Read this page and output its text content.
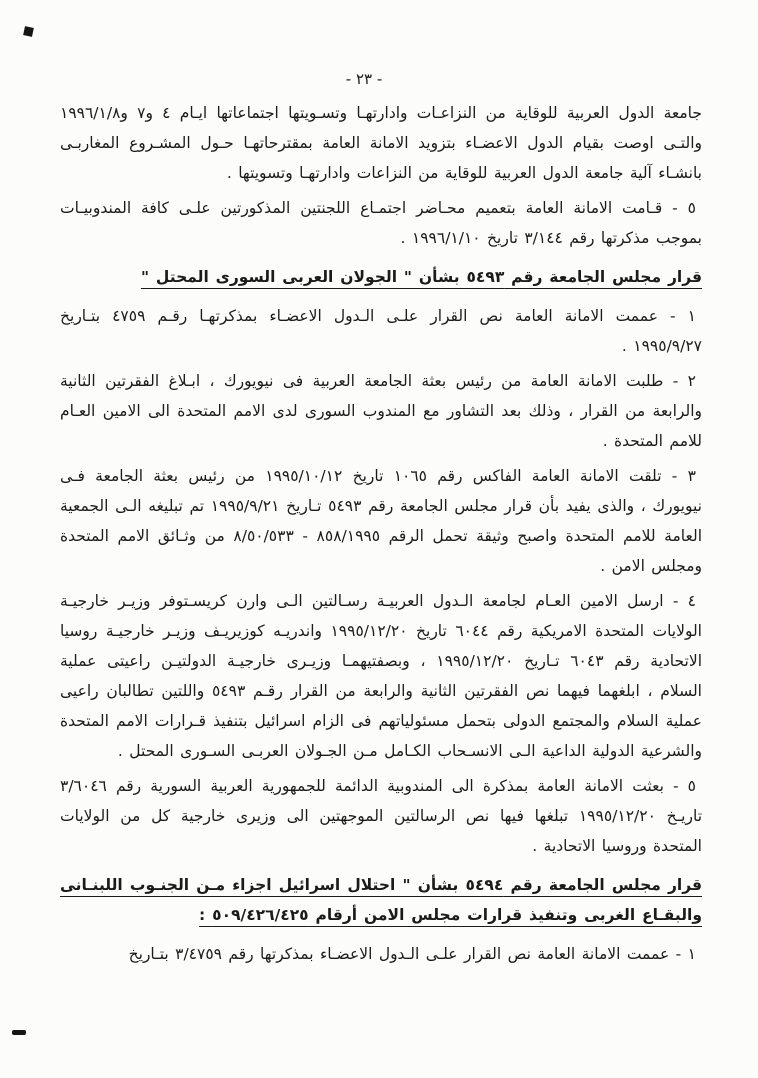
- ٢٣ -

جامعة الدول العربية للوقاية من النزاعـات وادارتهـا وتسـويتها اجتماعاتها ايـام ٤ و٧ و١٩٩٦/١/٨ والتـى اوصت بقيام الدول الاعضـاء بتزويد الامانة العامة بمقترحاتهـا حـول المشـروع المغاربـى بانشـاء آلية جامعة الدول العربية للوقاية من النزاعات وادارتهـا وتسويتها .

٥ - قـامت الامانة العامة بتعميم محـاضر اجتمـاع اللجنتين المذكورتين علـى كافة المندوبيـات بموجب مذكرتها رقم ٣/١٤٤ تاريخ ١٩٩٦/١/١٠ .

قرار مجلس الجامعة رقم ٥٤٩٣ بشأن " الجولان العربى السورى المحتل "

١ - عممت الامانة العامة نص القرار علـى الـدول الاعضـاء بمذكرتهـا رقـم ٤٧٥٩ بتـاريخ ١٩٩٥/٩/٢٧ .

٢ - طلبت الامانة العامة من رئيس بعثة الجامعة العربية فى نيويورك ، ابـلاغ الفقرتين الثانية والرابعة من القرار ، وذلك بعد التشاور مع المندوب السورى لدى الامم المتحدة الى الامين العـام للامم المتحدة .

٣ - تلقت الامانة العامة الفاكس رقم ١٠٦٥ تاريخ ١٩٩٥/١٠/١٢ من رئيس بعثة الجامعة فـى نيويورك ، والذى يفيد بأن قرار مجلس الجامعة رقم ٥٤٩٣ تـاريخ ١٩٩٥/٩/٢١ تم تبليغه الـى الجمعية العامة للامم المتحدة واصبح وثيقة تحمل الرقم ٨٥٨/١٩٩٥ - ٨/٥٠/٥٣٣ من وثـائق الامم المتحدة ومجلس الامن .

٤ - ارسل الامين العـام لجامعة الـدول العربيـة رسـالتين الـى وارن كريسـتوفر وزيـر خارجيـة الولايات المتحدة الامريكية رقم ٦٠٤٤ تاريخ ١٩٩٥/١٢/٢٠ واندريـه كوزيريـف وزيـر خارجيـة روسيا الاتحادية رقم ٦٠٤٣ تـاريخ ١٩٩٥/١٢/٢٠ ، وبصفتيهمـا وزيـرى خارجيـة الدولتيـن راعيتى عملية السلام ، ابلغهما فيهما نص الفقرتين الثانية والرابعة من القرار رقـم ٥٤٩٣ واللتين تطالبان راعيى عملية السلام والمجتمع الدولى بتحمل مسئولياتهم فى الزام اسرائيل بتنفيذ قـرارات الامم المتحدة والشرعية الدولية الداعية الـى الانسـحاب الكـامل مـن الجـولان العربـى السـورى المحتل .

٥ - بعثت الامانة العامة بمذكرة الى المندوبية الدائمة للجمهورية العربية السورية رقم ٣/٦٠٤٦ تاريـخ ١٩٩٥/١٢/٢٠ تبلغها فيها نص الرسالتين الموجهتين الى وزيرى خارجية كل من الولايات المتحدة وروسيا الاتحادية .

قرار مجلس الجامعة رقم ٥٤٩٤ بشأن " احتلال اسرائيل اجزاء مـن الجنـوب اللبنـانى والبقـاع الغربى وتنفيذ قرارات مجلس الامن أرقام ٥٠٩/٤٢٦/٤٢٥ :

١ - عممت الامانة العامة نص القرار علـى الـدول الاعضـاء بمذكرتها رقم ٣/٤٧٥٩ بتـاريخ
